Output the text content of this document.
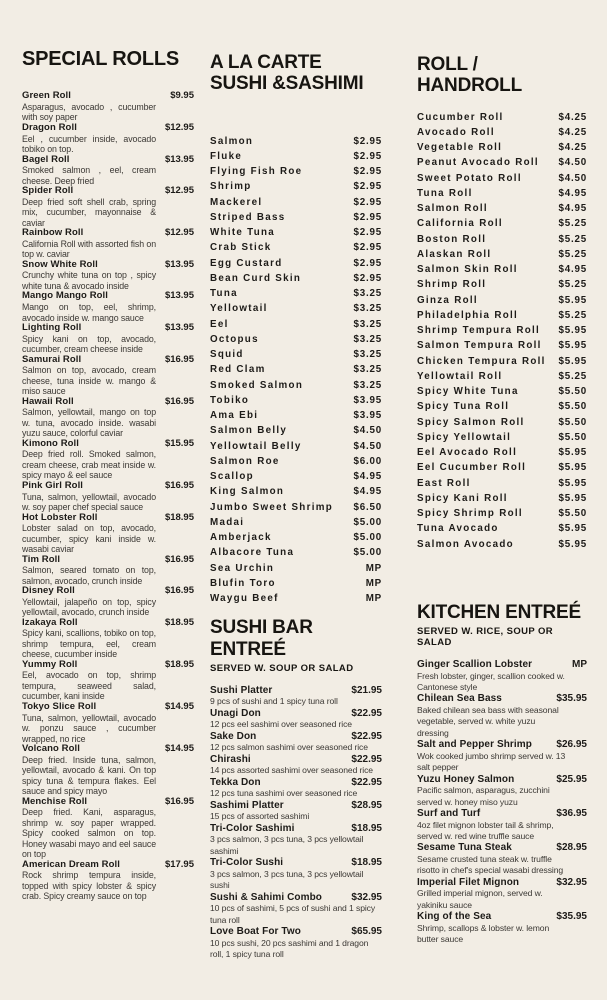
SPECIAL ROLLS
Green Roll	$9.95
Asparagus, avocado , cucumber with soy paper
Dragon Roll	$12.95
Eel , cucumber inside, avocado tobiko on top.
Bagel Roll	$13.95
Smoked salmon , eel, cream cheese. Deep fried
Spider Roll	$12.95
Deep fried soft shell crab, spring mix, cucumber, mayonnaise & caviar
Rainbow Roll	$12.95
California Roll with assorted fish on top w. caviar
Snow White Roll	$13.95
Crunchy white tuna on top , spicy white tuna & avocado inside
Mango Mango Roll	$13.95
Mango on top, eel, shrimp, avocado inside w. mango sauce
Lighting Roll	$13.95
Spicy kani on top, avocado, cucumber, cream cheese inside
Samurai Roll	$16.95
Salmon on top, avocado, cream cheese, tuna inside w. mango & miso sauce
Hawaii Roll	$16.95
Salmon, yellowtail, mango on top w. tuna, avocado inside. wasabi yuzu sauce, colorful caviar
Kimono Roll	$15.95
Deep fried roll. Smoked salmon, cream cheese, crab meat inside w. spicy mayo & eel sauce
Pink Girl Roll	$16.95
Tuna, salmon, yellowtail, avocado w. soy paper chef special sauce
Hot Lobster Roll	$18.95
Lobster salad on top, avocado, cucumber, spicy kani inside w. wasabi caviar
Tim Roll	$16.95
Salmon, seared tomato on top, salmon, avocado, crunch inside
Disney Roll	$16.95
Yellowtail, jalapeño on top, spicy yellowtail, avocado, crunch inside
Izakaya Roll	$18.95
Spicy kani, scallions, tobiko on top, shrimp tempura, eel, cream cheese, cucumber inside
Yummy Roll	$18.95
Eel, avocado on top, shrimp tempura, seaweed salad, cucumber, kani inside
Tokyo Slice Roll	$14.95
Tuna, salmon, yellowtail, avocado w. ponzu sauce , cucumber wrapped, no rice
Volcano Roll	$14.95
Deep fried. Inside tuna, salmon, yellowtail, avocado & kani. On top spicy tuna & tempura flakes. Eel sauce and spicy mayo
Menchise Roll	$16.95
Deep fried. Kani, asparagus, shrimp w. soy paper wrapped. Spicy cooked salmon on top. Honey wasabi mayo and eel sauce on top
American Dream Roll	$17.95
Rock shrimp tempura inside, topped with spicy lobster & spicy crab. Spicy creamy sauce on top
A LA CARTE SUSHI &SASHIMI
Salmon	$2.95
Fluke	$2.95
Flying Fish Roe	$2.95
Shrimp	$2.95
Mackerel	$2.95
Striped Bass	$2.95
White Tuna	$2.95
Crab Stick	$2.95
Egg Custard	$2.95
Bean Curd Skin	$2.95
Tuna	$3.25
Yellowtail	$3.25
Eel	$3.25
Octopus	$3.25
Squid	$3.25
Red Clam	$3.25
Smoked Salmon	$3.25
Tobiko	$3.95
Ama Ebi	$3.95
Salmon Belly	$4.50
Yellowtail Belly	$4.50
Salmon Roe	$6.00
Scallop	$4.95
King Salmon	$4.95
Jumbo Sweet Shrimp $6.50
Madai	$5.00
Amberjack	$5.00
Albacore Tuna	$5.00
Sea Urchin	MP
Blufin Toro	MP
Waygu Beef	MP
SUSHI BAR ENTREÉ
SERVED W. SOUP OR SALAD
Sushi Platter	$21.95
9 pcs of sushi and 1 spicy tuna roll
Unagi Don	$22.95
12 pcs eel sashimi over seasoned rice
Sake Don	$22.95
12 pcs salmon sashimi over seasoned rice
Chirashi	$22.95
14 pcs assorted sashimi over seasoned rice
Tekka Don	$22.95
12 pcs tuna sashimi over seasoned rice
Sashimi Platter	$28.95
15 pcs of assorted sashimi
Tri-Color Sashimi	$18.95
3 pcs salmon, 3 pcs tuna, 3 pcs yellowtail sashimi
Tri-Color Sushi	$18.95
3 pcs salmon, 3 pcs tuna, 3 pcs yellowtail sushi
Sushi & Sahimi Combo	$32.95
10 pcs of sashimi, 5 pcs of sushi and 1 spicy tuna roll
Love Boat For Two	$65.95
10 pcs sushi, 20 pcs sashimi and 1 dragon roll, 1 spicy tuna roll
ROLL / HANDROLL
Cucumber Roll	$4.25
Avocado Roll	$4.25
Vegetable Roll	$4.25
Peanut Avocado Roll $4.50
Sweet Potato Roll	$4.50
Tuna Roll	$4.95
Salmon Roll	$4.95
California Roll	$5.25
Boston Roll	$5.25
Alaskan Roll	$5.25
Salmon Skin Roll	$4.95
Shrimp Roll	$5.25
Ginza Roll	$5.95
Philadelphia Roll	$5.25
Shrimp Tempura Roll $5.95
Salmon Tempura Roll $5.95
Chicken Tempura Roll $5.95
Yellowtail Roll	$5.25
Spicy White Tuna	$5.50
Spicy Tuna Roll	$5.50
Spicy Salmon Roll	$5.50
Spicy Yellowtail	$5.50
Eel Avocado Roll	$5.95
Eel Cucumber Roll	$5.95
East Roll	$5.95
Spicy Kani Roll	$5.95
Spicy Shrimp Roll	$5.50
Tuna Avocado	$5.95
Salmon Avocado	$5.95
KITCHEN ENTREÉ
SERVED W. RICE, SOUP OR SALAD
Ginger Scallion Lobster	MP
Fresh lobster, ginger, scallion cooked w. Cantonese style
Chilean Sea Bass	$35.95
Baked chilean sea bass with seasonal vegetable, served w. white yuzu dressing
Salt and Pepper Shrimp $26.95
Wok cooked jumbo shrimp served w. 13 salt pepper
Yuzu Honey Salmon	$25.95
Pacific salmon, asparagus, zucchini served w. honey miso yuzu
Surf and Turf	$36.95
4oz filet mignon lobster tail & shrimp, served w. red wine truffle sauce
Sesame Tuna Steak	$28.95
Sesame crusted tuna steak w. truffle risotto in chef's special wasabi dressing
Imperial Filet Mignon	$32.95
Grilled imperial mignon, served w. yakiniku sauce
King of the Sea	$35.95
Shrimp, scallops & lobster w. lemon butter sauce
